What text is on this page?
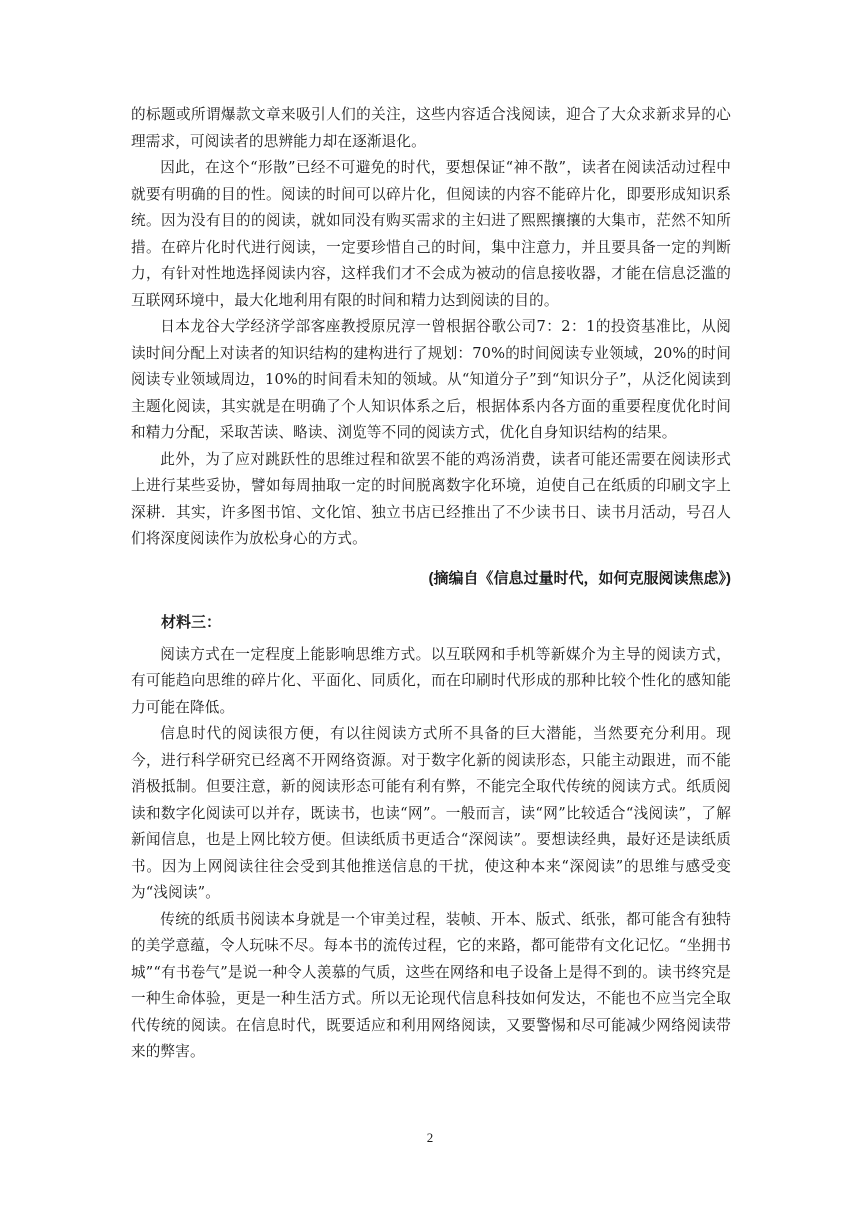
的标题或所谓爆款文章来吸引人们的关注，这些内容适合浅阅读，迎合了大众求新求异的心理需求，可阅读者的思辨能力却在逐渐退化。

因此，在这个“形散”已经不可避免的时代，要想保证“神不散”，读者在阅读活动过程中就要有明确的目的性。阅读的时间可以碎片化，但阅读的内容不能碎片化，即要形成知识系统。因为没有目的的阅读，就如同没有购买需求的主妇进了熙熙攘攘的大集市，茫然不知所措。在碎片化时代进行阅读，一定要珍惜自己的时间，集中注意力，并且要具备一定的判断力，有针对性地选择阅读内容，这样我们才不会成为被动的信息接收器，才能在信息泛滥的互联网环境中，最大化地利用有限的时间和精力达到阅读的目的。

日本龙谷大学经济学部客座教授原尻淳一曾根据谷歌公司7：2：1的投资基准比，从阅读时间分配上对读者的知识结构的建构进行了规划：70%的时间阅读专业领域，20%的时间阅读专业领域周边，10%的时间看未知的领域。从“知道分子”到“知识分子”，从泛化阅读到主题化阅读，其实就是在明确了个人知识体系之后，根据体系内各方面的重要程度优化时间和精力分配，采取苦读、略读、浏览等不同的阅读方式，优化自身知识结构的结果。

此外，为了应对跳跃性的思维过程和欲罢不能的鸡汤消费，读者可能还需要在阅读形式上进行某些妥协，譬如每周抽取一定的时间脱离数字化环境，迫使自己在纸质的印刷文字上深耕．其实，许多图书馆、文化馆、独立书店已经推出了不少读书日、读书月活动，号召人们将深度阅读作为放松身心的方式。

(摘编自《信息过量时代，如何克服阅读焦虑》)

材料三：

阅读方式在一定程度上能影响思维方式。以互联网和手机等新媒介为主导的阅读方式，有可能趋向思维的碎片化、平面化、同质化，而在印刷时代形成的那种比较个性化的感知能力可能在降低。

信息时代的阅读很方便，有以往阅读方式所不具备的巨大潜能，当然要充分利用。现今，进行科学研究已经离不开网络资源。对于数字化新的阅读形态，只能主动跟进，而不能消极抵制。但要注意，新的阅读形态可能有利有弊，不能完全取代传统的阅读方式。纸质阅读和数字化阅读可以并存，既读书，也读“网”。一般而言，读“网”比较适合“浅阅读”，了解新闻信息，也是上网比较方便。但读纸质书更适合“深阅读”。要想读经典，最好还是读纸质书。因为上网阅读往往会受到其他推送信息的干扰，使这种本来“深阅读”的思维与感受变为“浅阅读”。

传统的纸质书阅读本身就是一个审美过程，装帧、开本、版式、纸张，都可能含有独特的美学意蕴，令人玩味不尽。每本书的流传过程，它的来路，都可能带有文化记忆。“坐拥书城”“有书卷气”是说一种令人羡慕的气质，这些在网络和电子设备上是得不到的。读书终究是一种生命体验，更是一种生活方式。所以无论现代信息科技如何发达，不能也不应当完全取代传统的阅读。在信息时代，既要适应和利用网络阅读，又要警惕和尽可能减少网络阅读带来的弊害。

2
